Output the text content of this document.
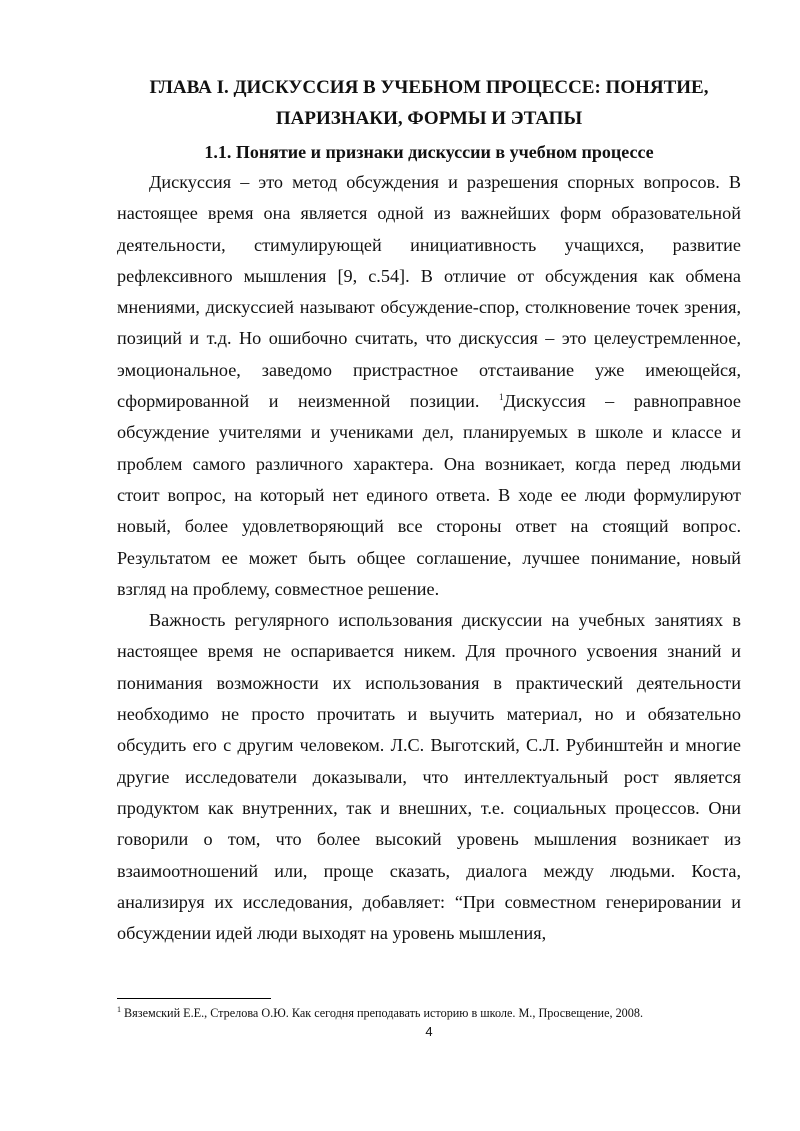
ГЛАВА I. ДИСКУССИЯ В УЧЕБНОМ ПРОЦЕССЕ: ПОНЯТИЕ,
ПАРИЗНАКИ, ФОРМЫ И ЭТАПЫ
1.1. Понятие и признаки дискуссии в учебном процессе

Дискуссия – это метод обсуждения и разрешения спорных вопросов. В настоящее время она является одной из важнейших форм образовательной деятельности, стимулирующей инициативность учащихся, развитие рефлексивного мышления [9, с.54]. В отличие от обсуждения как обмена мнениями, дискуссией называют обсуждение-спор, столкновение точек зрения, позиций и т.д. Но ошибочно считать, что дискуссия – это целеустремленное, эмоциональное, заведомо пристрастное отстаивание уже имеющейся, сформированной и неизменной позиции. $^1$Дискуссия – равноправное обсуждение учителями и учениками дел, планируемых в школе и классе и проблем самого различного характера. Она возникает, когда перед людьми стоит вопрос, на который нет единого ответа. В ходе ее люди формулируют новый, более удовлетворяющий все стороны ответ на стоящий вопрос. Результатом ее может быть общее соглашение, лучшее понимание, новый взгляд на проблему, совместное решение.

Важность регулярного использования дискуссии на учебных занятиях в настоящее время не оспаривается никем. Для прочного усвоения знаний и понимания возможности их использования в практический деятельности необходимо не просто прочитать и выучить материал, но и обязательно обсудить его с другим человеком. Л.С. Выготский, С.Л. Рубинштейн и многие другие исследователи доказывали, что интеллектуальный рост является продуктом как внутренних, так и внешних, т.е. социальных процессов. Они говорили о том, что более высокий уровень мышления возникает из взаимоотношений или, проще сказать, диалога между людьми. Коста, анализируя их исследования, добавляет: “При совместном генерировании и обсуждении идей люди выходят на уровень мышления,

$^1$ Вяземский Е.Е., Стрелова О.Ю. Как сегодня преподавать историю в школе. М., Просвещение, 2008.
4
